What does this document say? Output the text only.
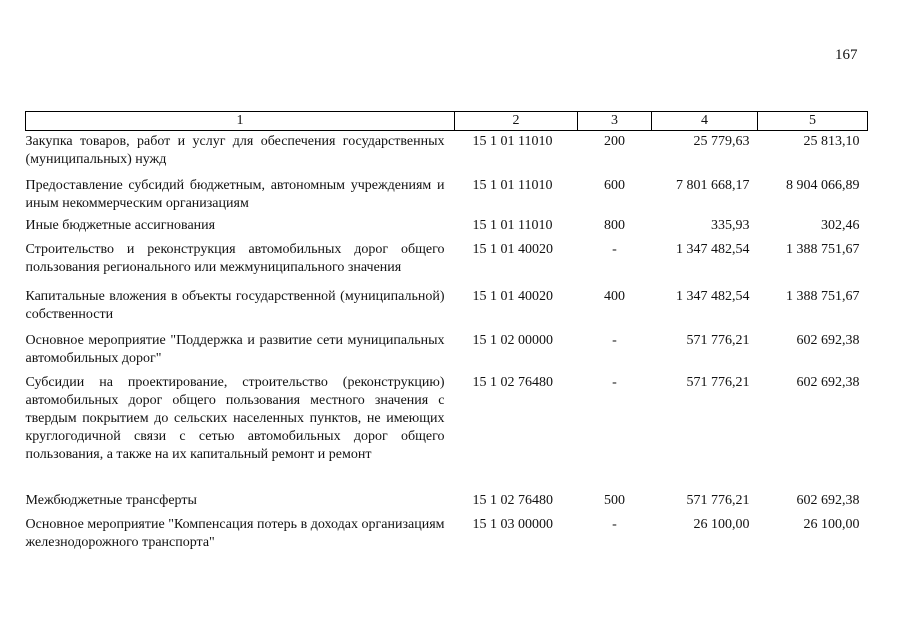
167
1	2	3	4	5
Закупка товаров, работ и услуг для обеспечения государственных (муниципальных) нужд	15 1 01 11010	200	25 779,63	25 813,10
Предоставление субсидий бюджетным, автономным учреждениям и иным некоммерческим организациям	15 1 01 11010	600	7 801 668,17	8 904 066,89
Иные бюджетные ассигнования	15 1 01 11010	800	335,93	302,46
Строительство и реконструкция автомобильных дорог общего пользования регионального или межмуниципального значения	15 1 01 40020	-	1 347 482,54	1 388 751,67
Капитальные вложения в объекты государственной (муниципальной) собственности	15 1 01 40020	400	1 347 482,54	1 388 751,67
Основное мероприятие "Поддержка и развитие сети муниципальных автомобильных дорог"	15 1 02 00000	-	571 776,21	602 692,38
Субсидии на проектирование, строительство (реконструкцию) автомобильных дорог общего пользования местного значения с твердым покрытием до сельских населенных пунктов, не имеющих круглогодичной связи с сетью автомобильных дорог общего пользования, а также на их капитальный ремонт и ремонт	15 1 02 76480	-	571 776,21	602 692,38
Межбюджетные трансферты	15 1 02 76480	500	571 776,21	602 692,38
Основное мероприятие "Компенсация потерь в доходах организациям железнодорожного транспорта"	15 1 03 00000	-	26 100,00	26 100,00
